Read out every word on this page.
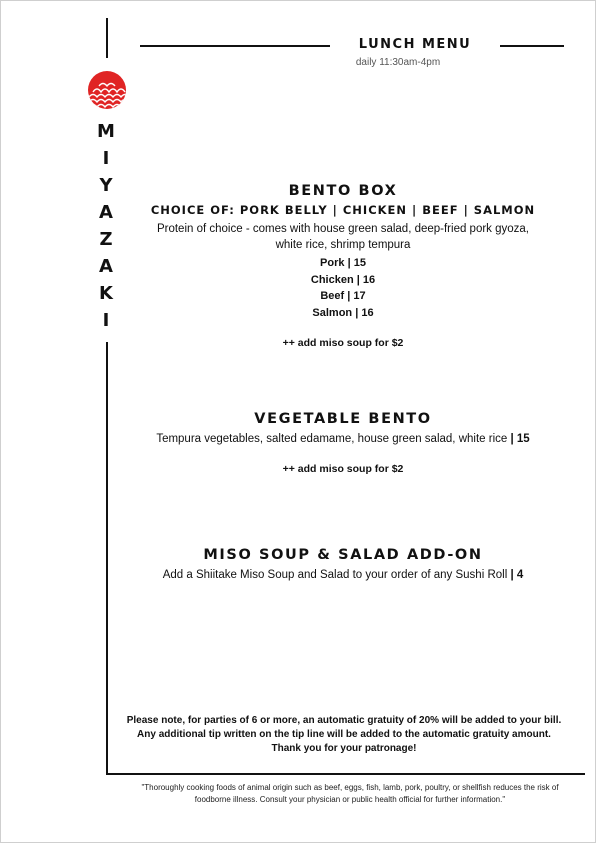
M
I
Y
A
Z
A
K
I
LUNCH MENU
daily 11:30am-4pm
BENTO BOX
CHOICE OF: PORK BELLY | CHICKEN | BEEF | SALMON
Protein of choice - comes with house green salad, deep-fried pork gyoza, white rice, shrimp tempura
Pork | 15
Chicken | 16
Beef | 17
Salmon | 16
++ add miso soup for $2
VEGETABLE BENTO
Tempura vegetables, salted edamame, house green salad, white rice | 15
++ add miso soup for $2
MISO SOUP & SALAD ADD-ON
Add a Shiitake Miso Soup and Salad to your order of any Sushi Roll | 4
Please note, for parties of 6 or more, an automatic gratuity of 20% will be added to your bill.
Any additional tip written on the tip line will be added to the automatic gratuity amount.
Thank you for your patronage!
"Thoroughly cooking foods of animal origin such as beef, eggs, fish, lamb, pork, poultry, or shellfish reduces the risk of foodborne illness. Consult your physician or public health official for further information."
